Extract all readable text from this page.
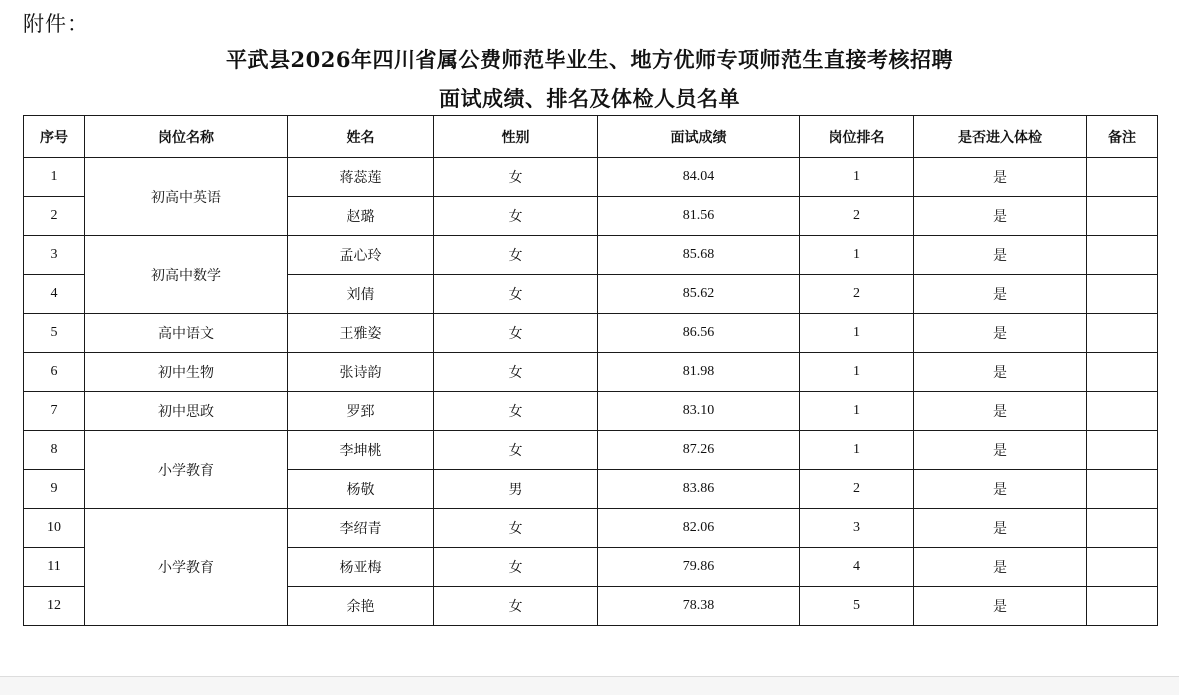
附件：
平武县2026年四川省属公费师范毕业生、地方优师专项师范生直接考核招聘
面试成绩、排名及体检人员名单
序号	岗位名称	姓名	性别	面试成绩	岗位排名	是否进入体检	备注
1	初高中英语	蒋蕊莲	女	84.04	1	是	
2		赵璐	女	81.56	2	是	
3	初高中数学	孟心玲	女	85.68	1	是	
4		刘倩	女	85.62	2	是	
5	高中语文	王雅姿	女	86.56	1	是	
6	初中生物	张诗韵	女	81.98	1	是	
7	初中思政	罗郅	女	83.10	1	是	
8	小学教育	李坤桃	女	87.26	1	是	
9		杨敬	男	83.86	2	是	
10	小学教育	李绍青	女	82.06	3	是	
11		杨亚梅	女	79.86	4	是	
12		余艳	女	78.38	5	是	
